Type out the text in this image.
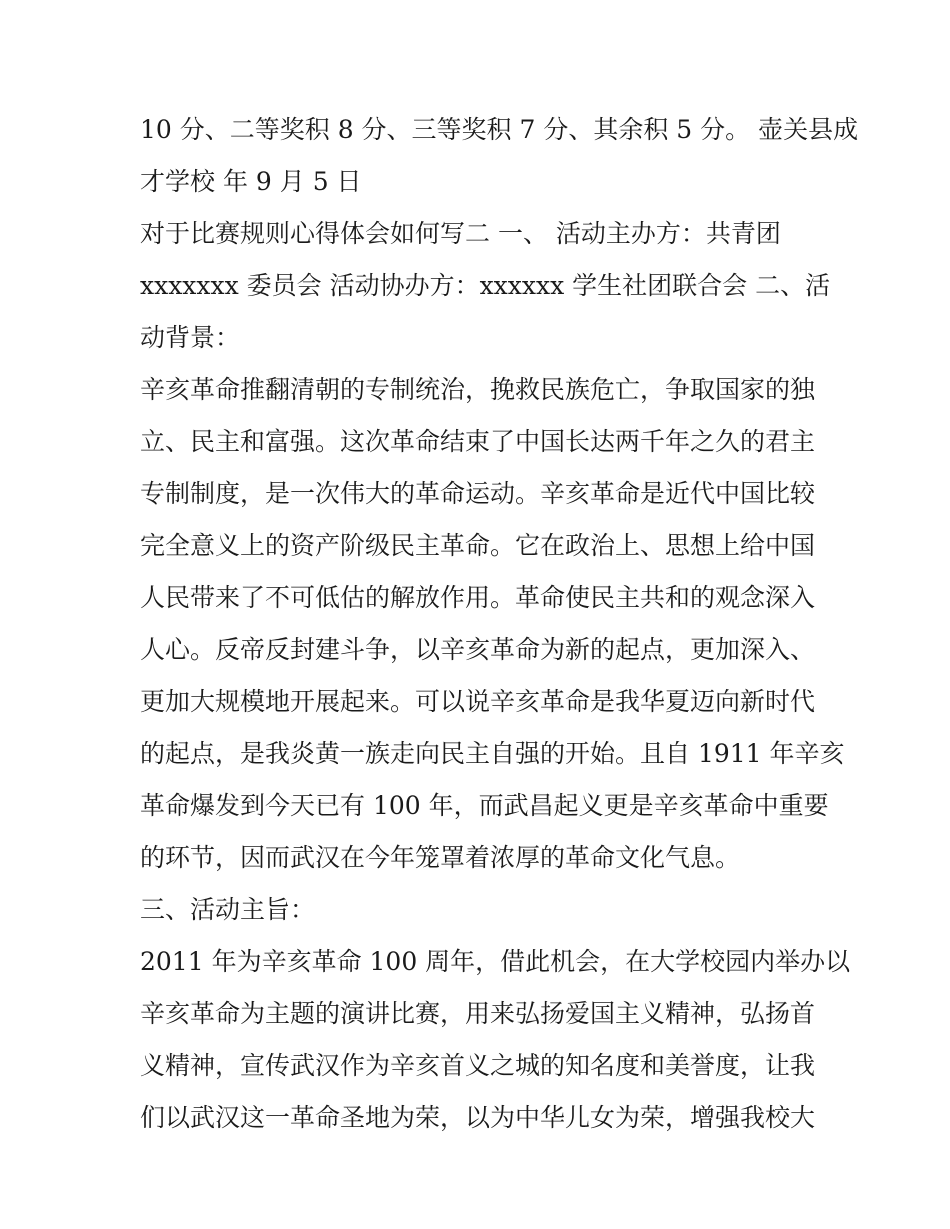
10 分、二等奖积 8 分、三等奖积 7 分、其余积 5 分。 壶关县成
才学校 年 9 月 5 日
对于比赛规则心得体会如何写二 一、 活动主办方：共青团
xxxxxxx 委员会 活动协办方：xxxxxx 学生社团联合会 二、活
动背景：
辛亥革命推翻清朝的专制统治，挽救民族危亡，争取国家的独
立、民主和富强。这次革命结束了中国长达两千年之久的君主
专制制度，是一次伟大的革命运动。辛亥革命是近代中国比较
完全意义上的资产阶级民主革命。它在政治上、思想上给中国
人民带来了不可低估的解放作用。革命使民主共和的观念深入
人心。反帝反封建斗争，以辛亥革命为新的起点，更加深入、
更加大规模地开展起来。可以说辛亥革命是我华夏迈向新时代
的起点，是我炎黄一族走向民主自强的开始。且自 1911 年辛亥
革命爆发到今天已有 100 年，而武昌起义更是辛亥革命中重要
的环节，因而武汉在今年笼罩着浓厚的革命文化气息。
三、活动主旨：
2011 年为辛亥革命 100 周年，借此机会，在大学校园内举办以
辛亥革命为主题的演讲比赛，用来弘扬爱国主义精神，弘扬首
义精神，宣传武汉作为辛亥首义之城的知名度和美誉度，让我
们以武汉这一革命圣地为荣，以为中华儿女为荣，增强我校大
